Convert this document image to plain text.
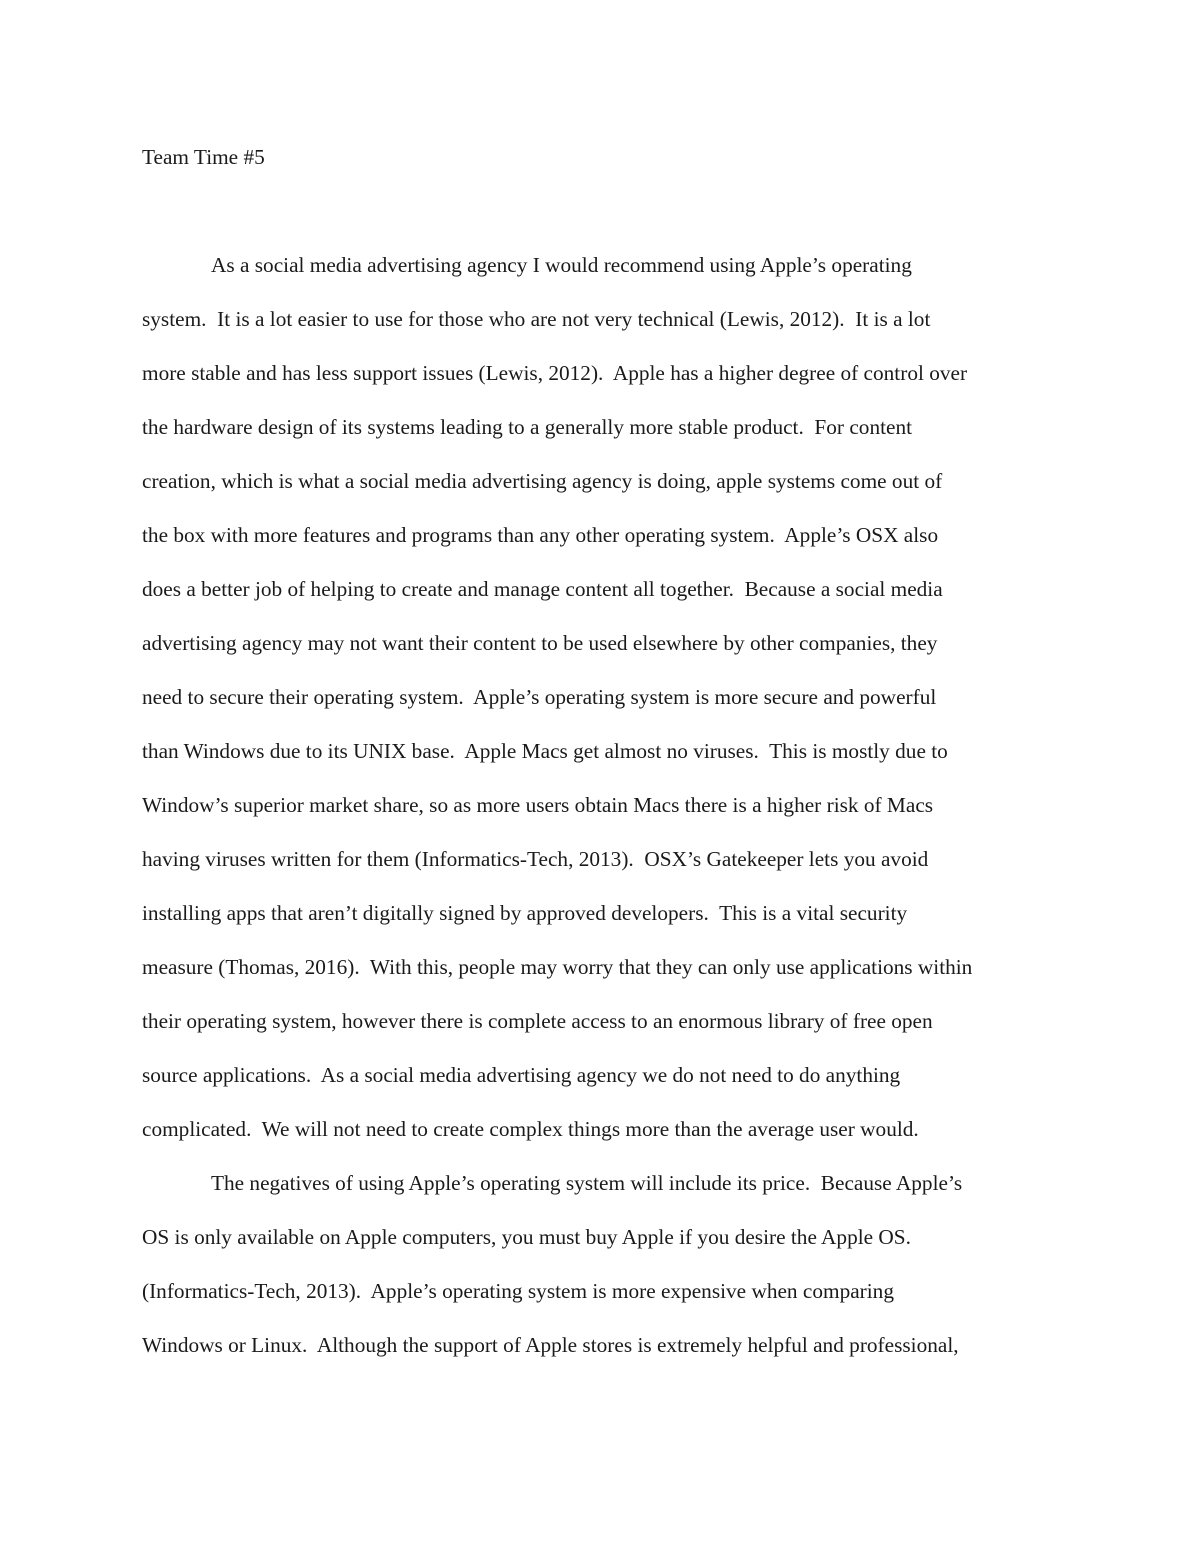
Team Time #5
As a social media advertising agency I would recommend using Apple’s operating
system.  It is a lot easier to use for those who are not very technical (Lewis, 2012).  It is a lot
more stable and has less support issues (Lewis, 2012).  Apple has a higher degree of control over
the hardware design of its systems leading to a generally more stable product.  For content
creation, which is what a social media advertising agency is doing, apple systems come out of
the box with more features and programs than any other operating system.  Apple’s OSX also
does a better job of helping to create and manage content all together.  Because a social media
advertising agency may not want their content to be used elsewhere by other companies, they
need to secure their operating system.  Apple’s operating system is more secure and powerful
than Windows due to its UNIX base.  Apple Macs get almost no viruses.  This is mostly due to
Window’s superior market share, so as more users obtain Macs there is a higher risk of Macs
having viruses written for them (Informatics-Tech, 2013).  OSX’s Gatekeeper lets you avoid
installing apps that aren’t digitally signed by approved developers.  This is a vital security
measure (Thomas, 2016).  With this, people may worry that they can only use applications within
their operating system, however there is complete access to an enormous library of free open
source applications.  As a social media advertising agency we do not need to do anything
complicated.  We will not need to create complex things more than the average user would.
The negatives of using Apple’s operating system will include its price.  Because Apple’s
OS is only available on Apple computers, you must buy Apple if you desire the Apple OS.
(Informatics-Tech, 2013).  Apple’s operating system is more expensive when comparing
Windows or Linux.  Although the support of Apple stores is extremely helpful and professional,
